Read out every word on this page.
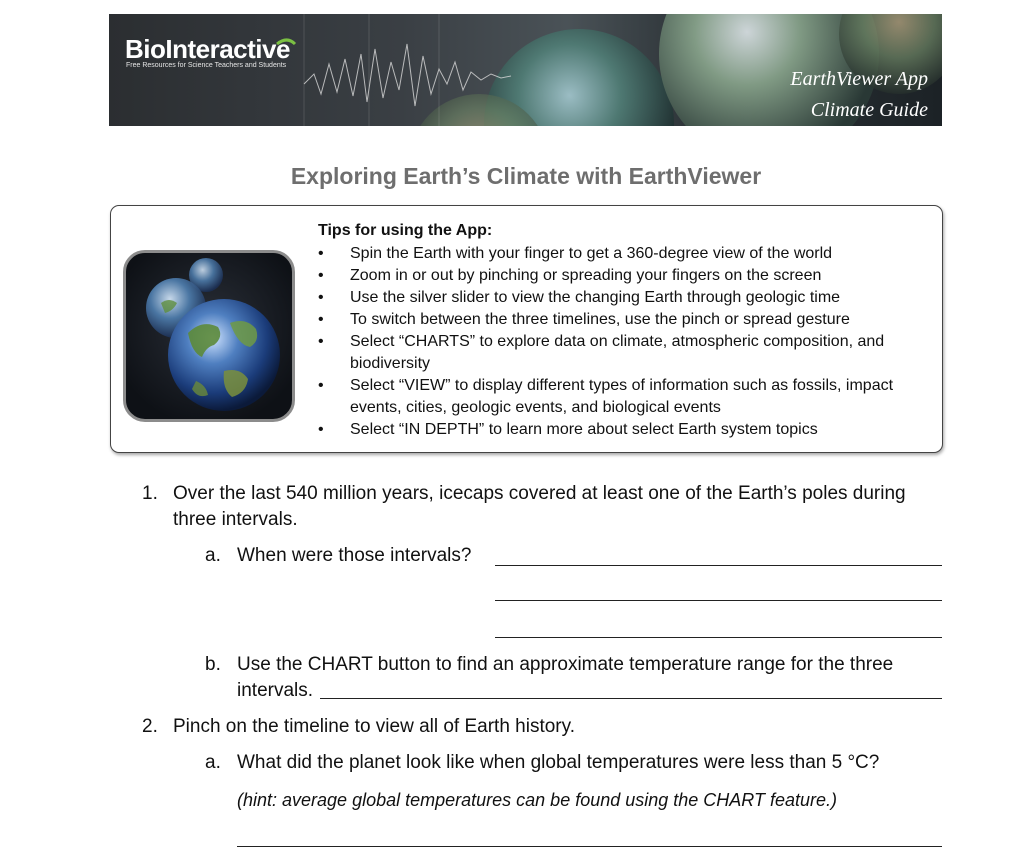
BioInteractive
Free Resources for Science Teachers and Students
EarthViewer App
Climate Guide
Exploring Earth’s Climate with EarthViewer
Tips for using the App:
• Spin the Earth with your finger to get a 360-degree view of the world
• Zoom in or out by pinching or spreading your fingers on the screen
• Use the silver slider to view the changing Earth through geologic time
• To switch between the three timelines, use the pinch or spread gesture
• Select “CHARTS” to explore data on climate, atmospheric composition, and biodiversity
• Select “VIEW” to display different types of information such as fossils, impact events, cities, geologic events, and biological events
• Select “IN DEPTH” to learn more about select Earth system topics
1. Over the last 540 million years, icecaps covered at least one of the Earth’s poles during
three intervals.
a. When were those intervals?
b. Use the CHART button to find an approximate temperature range for the three
intervals.
2. Pinch on the timeline to view all of Earth history.
a. What did the planet look like when global temperatures were less than 5 °C?
(hint: average global temperatures can be found using the CHART feature.)
